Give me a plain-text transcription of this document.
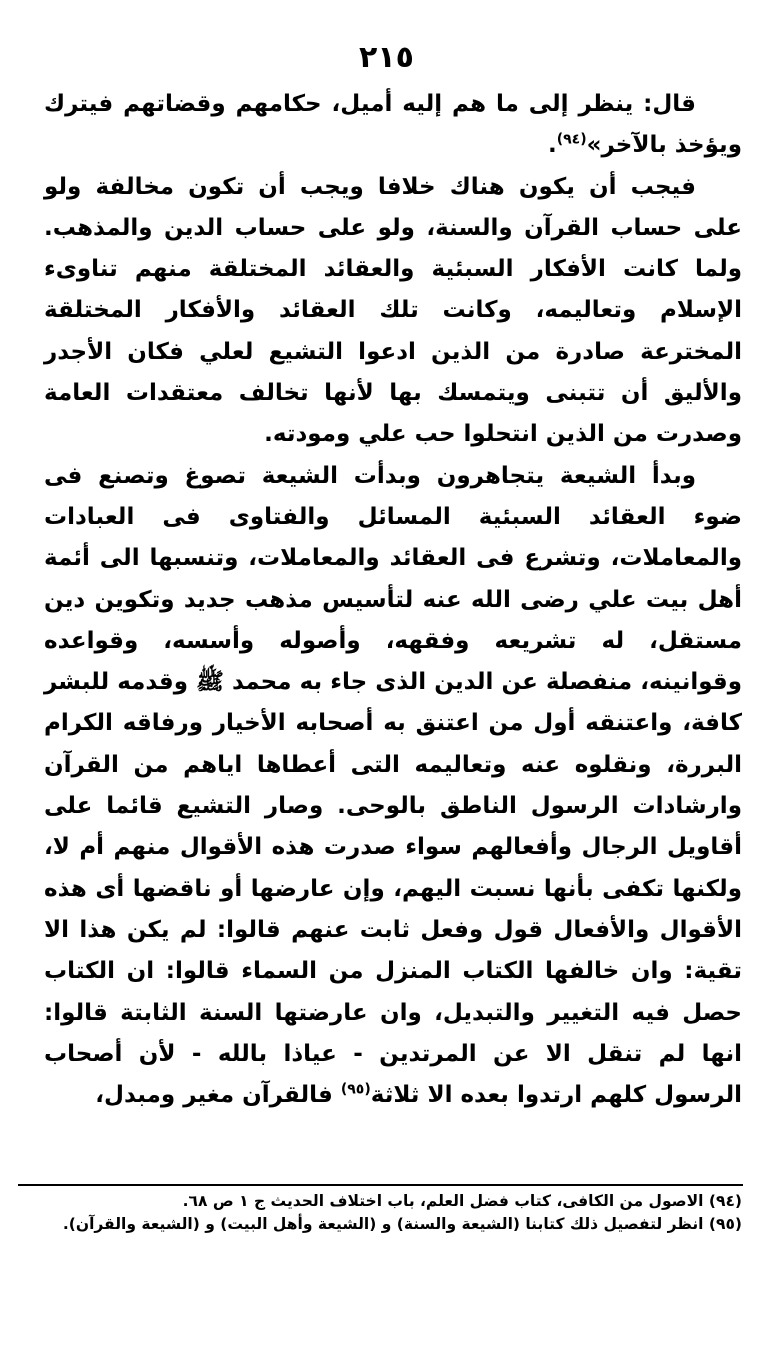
٢١٥

قال: ينظر إلى ما هم إليه أميل، حكامهم وقضاتهم فيترك ويؤخذ بالآخر»$^{(٩٤)}$.

فيجب أن يكون هناك خلافا ويجب أن تكون مخالفة ولو على حساب القرآن والسنة، ولو على حساب الدين والمذهب. ولما كانت الأفكار السبئية والعقائد المختلقة منهم تناوىء الإسلام وتعاليمه، وكانت تلك العقائد والأفكار المختلقة المخترعة صادرة من الذين ادعوا التشيع لعلي فكان الأجدر والأليق أن تتبنى ويتمسك بها لأنها تخالف معتقدات العامة وصدرت من الذين انتحلوا حب علي ومودته.

وبدأ الشيعة يتجاهرون وبدأت الشيعة تصوغ وتصنع فى ضوء العقائد السبئية المسائل والفتاوى فى العبادات والمعاملات، وتشرع فى العقائد والمعاملات، وتنسبها الى أئمة أهل بيت علي رضى الله عنه لتأسيس مذهب جديد وتكوين دين مستقل، له تشريعه وفقهه، وأصوله وأسسه، وقواعده وقوانينه، منفصلة عن الدين الذى جاء به محمد ﷺ وقدمه للبشر كافة، واعتنقه أول من اعتنق به أصحابه الأخيار ورفاقه الكرام البررة، ونقلوه عنه وتعاليمه التى أعطاها اياهم من القرآن وارشادات الرسول الناطق بالوحى. وصار التشيع قائما على أقاويل الرجال وأفعالهم سواء صدرت هذه الأقوال منهم أم لا، ولكنها تكفى بأنها نسبت اليهم، وإن عارضها أو ناقضها أى هذه الأقوال والأفعال قول وفعل ثابت عنهم قالوا: لم يكن هذا الا تقية: وان خالفها الكتاب المنزل من السماء قالوا: ان الكتاب حصل فيه التغيير والتبديل، وان عارضتها السنة الثابتة قالوا: انها لم تنقل الا عن المرتدين - عياذا بالله - لأن أصحاب الرسول كلهم ارتدوا بعده الا ثلاثة$^{(٩٥)}$ فالقرآن مغير ومبدل،

(٩٤) الاصول من الكافى، كتاب فضل العلم، باب اختلاف الحديث ج ١ ص ٦٨.
(٩٥) انظر لتفصيل ذلك كتابنا (الشيعة والسنة) و (الشيعة وأهل البيت) و (الشيعة والقرآن).
